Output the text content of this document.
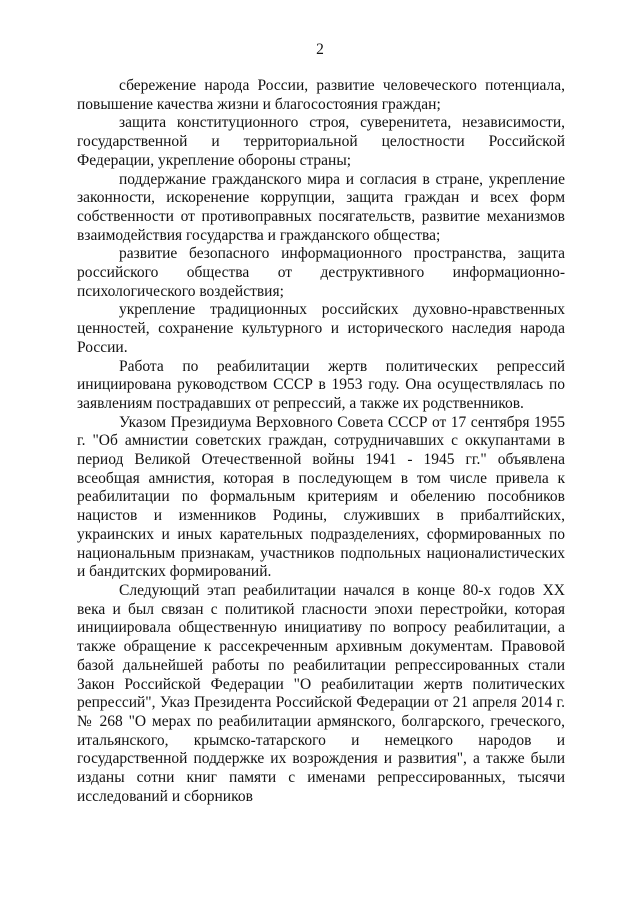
2

сбережение народа России, развитие человеческого потенциала, повышение качества жизни и благосостояния граждан;

защита конституционного строя, суверенитета, независимости, государственной и территориальной целостности Российской Федерации, укрепление обороны страны;

поддержание гражданского мира и согласия в стране, укрепление законности, искоренение коррупции, защита граждан и всех форм собственности от противоправных посягательств, развитие механизмов взаимодействия государства и гражданского общества;

развитие безопасного информационного пространства, защита российского общества от деструктивного информационно-психологического воздействия;

укрепление традиционных российских духовно-нравственных ценностей, сохранение культурного и исторического наследия народа России.

Работа по реабилитации жертв политических репрессий инициирована руководством СССР в 1953 году. Она осуществлялась по заявлениям пострадавших от репрессий, а также их родственников.

Указом Президиума Верховного Совета СССР от 17 сентября 1955 г. "Об амнистии советских граждан, сотрудничавших с оккупантами в период Великой Отечественной войны 1941 - 1945 гг." объявлена всеобщая амнистия, которая в последующем в том числе привела к реабилитации по формальным критериям и обелению пособников нацистов и изменников Родины, служивших в прибалтийских, украинских и иных карательных подразделениях, сформированных по национальным признакам, участников подпольных националистических и бандитских формирований.

Следующий этап реабилитации начался в конце 80-х годов XX века и был связан с политикой гласности эпохи перестройки, которая инициировала общественную инициативу по вопросу реабилитации, а также обращение к рассекреченным архивным документам. Правовой базой дальнейшей работы по реабилитации репрессированных стали Закон Российской Федерации "О реабилитации жертв политических репрессий", Указ Президента Российской Федерации от 21 апреля 2014 г. № 268 "О мерах по реабилитации армянского, болгарского, греческого, итальянского, крымско-татарского и немецкого народов и государственной поддержке их возрождения и развития", а также были изданы сотни книг памяти с именами репрессированных, тысячи исследований и сборников
